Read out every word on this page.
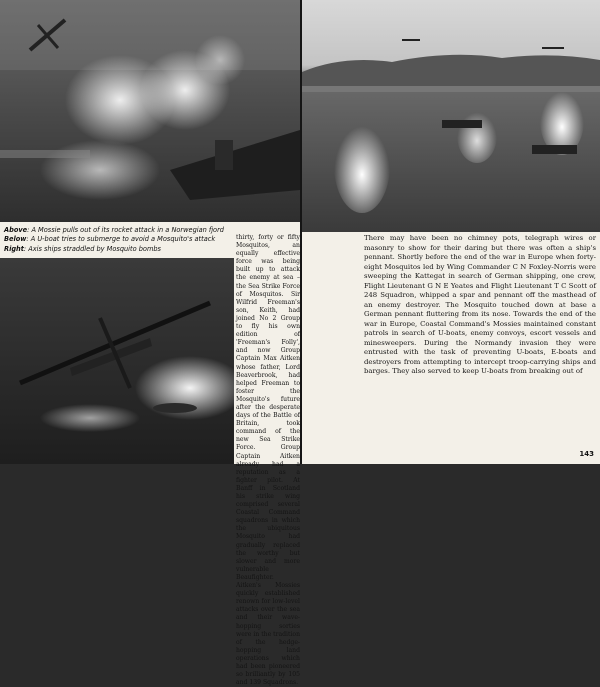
Above: A Mossie pulls out of its rocket attack in a Norwegian fjord

Below: A U-boat tries to submerge to avoid a Mosquito's attack

Right: Axis ships straddled by Mosquito bombs

thirty, forty or fifty Mosquitos, an equally effective force was being built up to attack the enemy at sea – the Sea Strike Force of Mosquitos. Sir Wilfrid Freeman's son, Keith, had joined No 2 Group to fly his own edition of 'Freeman's Folly', and now Group Captain Max Aitken whose father, Lord Beaverbrook, had helped Freeman to foster the Mosquito's future after the desperate days of the Battle of Britain, took command of the new Sea Strike Force. Group Captain Aitken already had a reputation as a fighter pilot. At Banff in Scotland his strike wing comprised several Coastal Command squadrons in which the ubiquitous Mosquito had gradually replaced the worthy but slower and more vulnerable Beaufighter. Aitken's Mossies quickly established renown for low-level attacks over the sea and their wave-hopping sorties were in the tradition of the hedge-hopping land operations which had been pioneered so brilliantly by 105 and 139 Squadrons.

There may have been no chimney pots, telegraph wires or masonry to show for their daring but there was often a ship's pennant. Shortly before the end of the war in Europe when forty-eight Mosquitos led by Wing Commander C N Foxley-Norris were sweeping the Kattegat in search of German shipping, one crew, Flight Lieutenant G N E Yeates and Flight Lieutenant T C Scott of 248 Squadron, whipped a spar and pennant off the masthead of an enemy destroyer. The Mosquito touched down at base a German pennant fluttering from its nose. Towards the end of the war in Europe, Coastal Command's Mossies maintained constant patrols in search of U-boats, enemy convoys, escort vessels and minesweepers. During the Normandy invasion they were entrusted with the task of preventing U-boats, E-boats and destroyers from attempting to intercept troop-carrying ships and barges. They also served to keep U-boats from breaking out of

143
